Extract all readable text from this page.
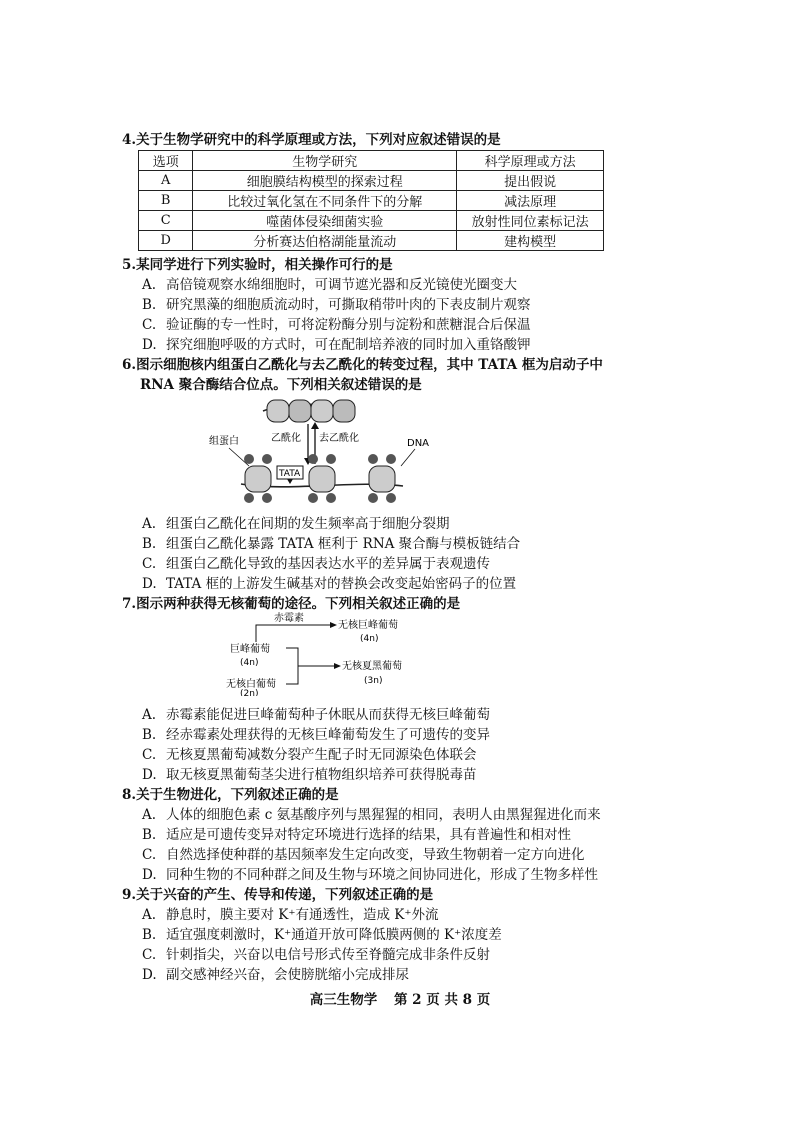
4.关于生物学研究中的科学原理或方法，下列对应叙述错误的是
选项	生物学研究	科学原理或方法
A	细胞膜结构模型的探索过程	提出假说
B	比较过氧化氢在不同条件下的分解	减法原理
C	噬菌体侵染细菌实验	放射性同位素标记法
D	分析赛达伯格湖能量流动	建构模型
5.某同学进行下列实验时，相关操作可行的是
A. 高倍镜观察水绵细胞时，可调节遮光器和反光镜使光圈变大
B. 研究黑藻的细胞质流动时，可撕取稍带叶肉的下表皮制片观察
C. 验证酶的专一性时，可将淀粉酶分别与淀粉和蔗糖混合后保温
D. 探究细胞呼吸的方式时，可在配制培养液的同时加入重铬酸钾
6.图示细胞核内组蛋白乙酰化与去乙酰化的转变过程，其中 TATA 框为启动子中
RNA 聚合酶结合位点。下列相关叙述错误的是
乙酰化 去乙酰化
组蛋白	DNA
TATA
A. 组蛋白乙酰化在间期的发生频率高于细胞分裂期
B. 组蛋白乙酰化暴露 TATA 框利于 RNA 聚合酶与模板链结合
C. 组蛋白乙酰化导致的基因表达水平的差异属于表观遗传
D. TATA 框的上游发生碱基对的替换会改变起始密码子的位置
7.图示两种获得无核葡萄的途径。下列相关叙述正确的是
赤霉素
无核巨峰葡萄
(4n)
巨峰葡萄
(4n)	无核夏黑葡萄
(3n)
无核白葡萄
(2n)
A. 赤霉素能促进巨峰葡萄种子休眠从而获得无核巨峰葡萄
B. 经赤霉素处理获得的无核巨峰葡萄发生了可遗传的变异
C. 无核夏黑葡萄减数分裂产生配子时无同源染色体联会
D. 取无核夏黑葡萄茎尖进行植物组织培养可获得脱毒苗
8.关于生物进化，下列叙述正确的是
A. 人体的细胞色素 c 氨基酸序列与黑猩猩的相同，表明人由黑猩猩进化而来
B. 适应是可遗传变异对特定环境进行选择的结果，具有普遍性和相对性
C. 自然选择使种群的基因频率发生定向改变，导致生物朝着一定方向进化
D. 同种生物的不同种群之间及生物与环境之间协同进化，形成了生物多样性
9.关于兴奋的产生、传导和传递，下列叙述正确的是
A. 静息时，膜主要对 K⁺有通透性，造成 K⁺外流
B. 适宜强度刺激时，K⁺通道开放可降低膜两侧的 K⁺浓度差
C. 针刺指尖，兴奋以电信号形式传至脊髓完成非条件反射
D. 副交感神经兴奋，会使膀胱缩小完成排尿
高三生物学 第 2 页 共 8 页
